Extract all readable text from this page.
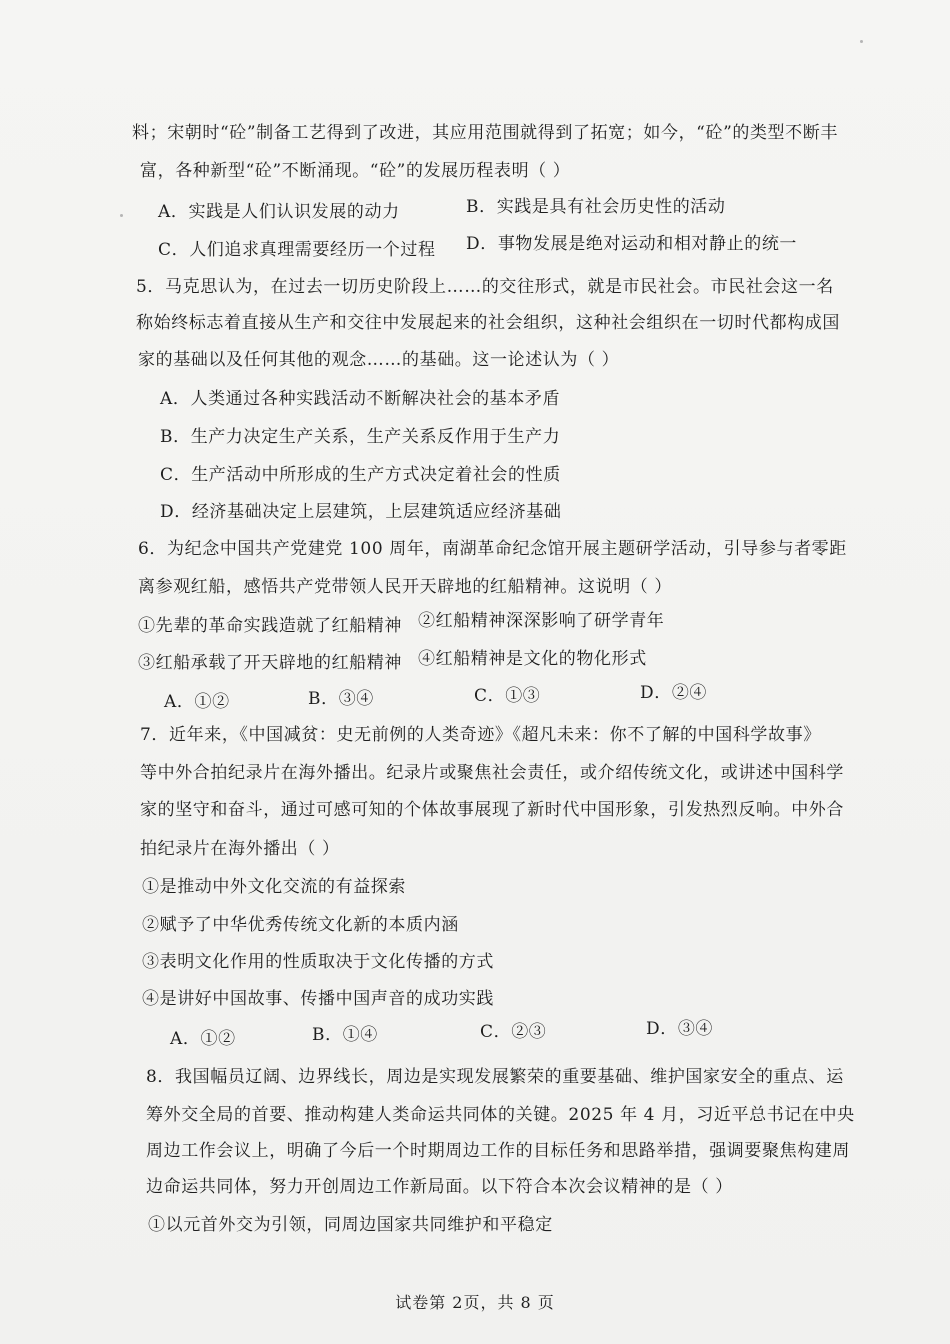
料；宋朝时“砼”制备工艺得到了改进，其应用范围就得到了拓宽；如今，“砼”的类型不断丰
富，各种新型“砼”不断涌现。“砼”的发展历程表明（ ）
A．实践是人们认识发展的动力	B．实践是具有社会历史性的活动
C．人们追求真理需要经历一个过程 D．事物发展是绝对运动和相对静止的统一
5．马克思认为，在过去一切历史阶段上……的交往形式，就是市民社会。市民社会这一名
称始终标志着直接从生产和交往中发展起来的社会组织，这种社会组织在一切时代都构成国
家的基础以及任何其他的观念……的基础。这一论述认为（ ）
A．人类通过各种实践活动不断解决社会的基本矛盾
B．生产力决定生产关系，生产关系反作用于生产力
C．生产活动中所形成的生产方式决定着社会的性质
D．经济基础决定上层建筑，上层建筑适应经济基础
6．为纪念中国共产党建党 100 周年，南湖革命纪念馆开展主题研学活动，引导参与者零距
离参观红船，感悟共产党带领人民开天辟地的红船精神。这说明（ ）
①先辈的革命实践造就了红船精神 ②红船精神深深影响了研学青年
③红船承载了开天辟地的红船精神 ④红船精神是文化的物化形式
A．①②	B．③④	C．①③	D．②④
7．近年来，《中国减贫：史无前例的人类奇迹》《超凡未来：你不了解的中国科学故事》
等中外合拍纪录片在海外播出。纪录片或聚焦社会责任，或介绍传统文化，或讲述中国科学
家的坚守和奋斗，通过可感可知的个体故事展现了新时代中国形象，引发热烈反响。中外合
拍纪录片在海外播出（ ）
①是推动中外文化交流的有益探索
②赋予了中华优秀传统文化新的本质内涵
③表明文化作用的性质取决于文化传播的方式
④是讲好中国故事、传播中国声音的成功实践
A．①②	B．①④	C．②③	D．③④
8．我国幅员辽阔、边界线长，周边是实现发展繁荣的重要基础、维护国家安全的重点、运
筹外交全局的首要、推动构建人类命运共同体的关键。2025 年 4 月，习近平总书记在中央
周边工作会议上，明确了今后一个时期周边工作的目标任务和思路举措，强调要聚焦构建周
边命运共同体，努力开创周边工作新局面。以下符合本次会议精神的是（ ）
①以元首外交为引领，同周边国家共同维护和平稳定
试卷第 2页，共 8 页
